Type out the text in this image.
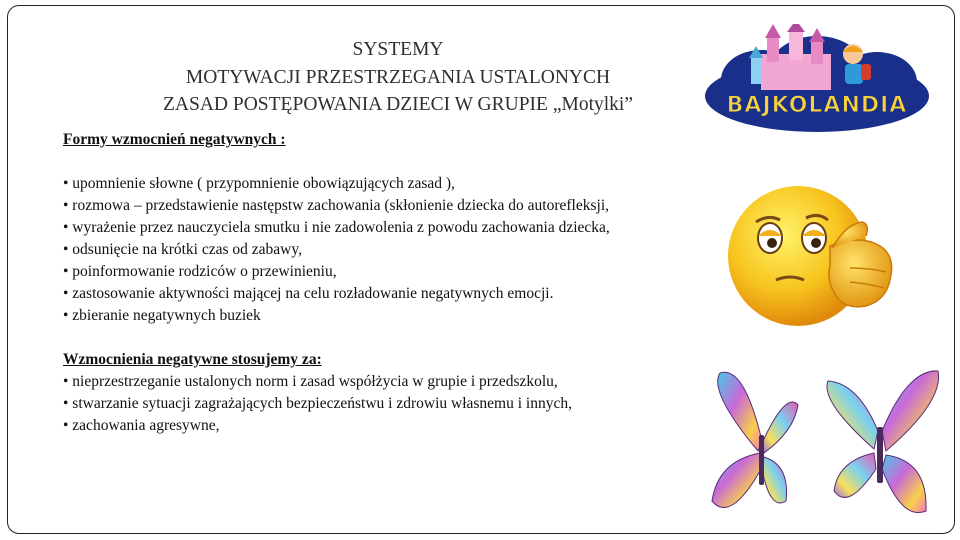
SYSTEMY
MOTYWACJI PRZESTRZEGANIA USTALONYCH
ZASAD POSTĘPOWANIA DZIECI W GRUPIE „Motylki”	BAJKOLANDIA
Formy wzmocnień negatywnych :
• upomnienie słowne ( przypomnienie obowiązujących zasad ),
• rozmowa – przedstawienie następstw zachowania (skłonienie dziecka do autorefleksji,
• wyrażenie przez nauczyciela smutku i nie zadowolenia z powodu zachowania dziecka,
• odsunięcie na krótki czas od zabawy,
• poinformowanie rodziców o przewinieniu,
• zastosowanie aktywności mającej na celu rozładowanie negatywnych emocji.
• zbieranie negatywnych buziek
Wzmocnienia negatywne stosujemy za:
• nieprzestrzeganie ustalonych norm i zasad współżycia w grupie i przedszkolu,
• stwarzanie sytuacji zagrażających bezpieczeństwu i zdrowiu własnemu i innych,
• zachowania agresywne,
